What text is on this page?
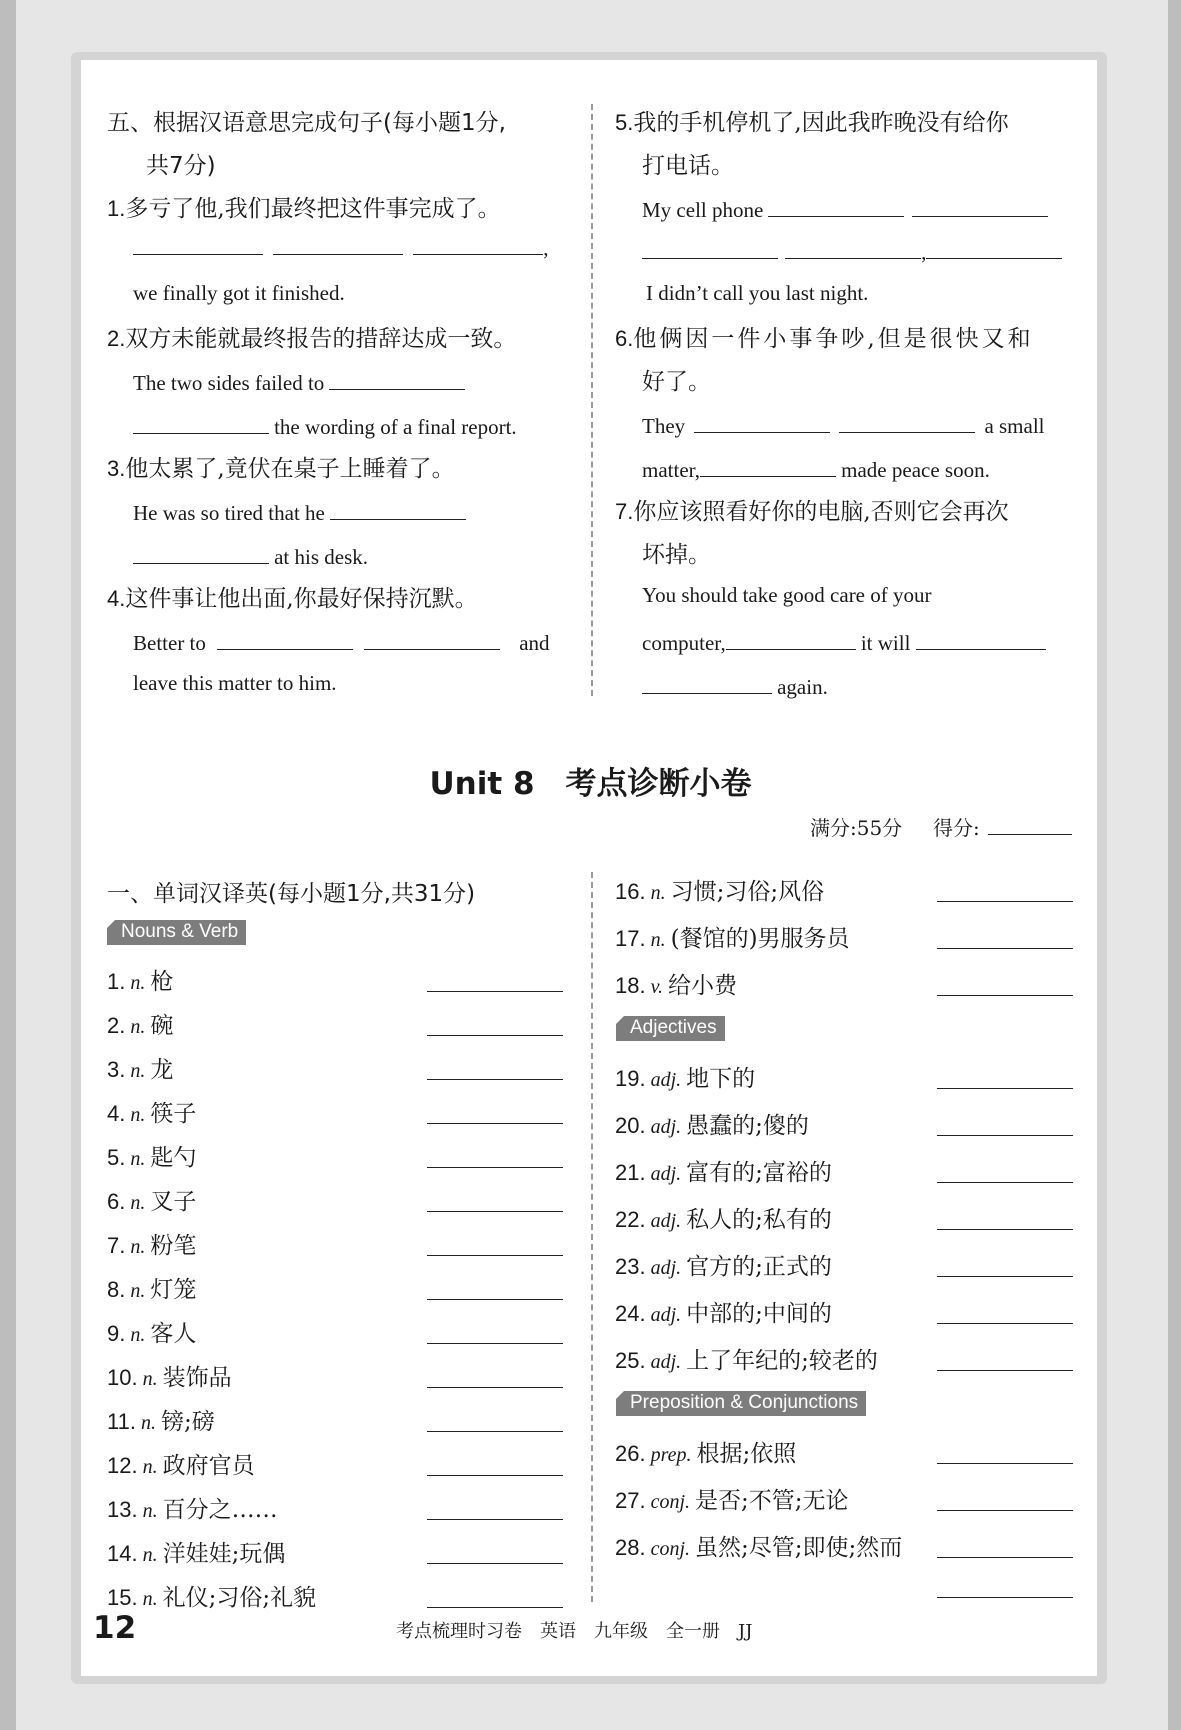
五、根据汉语意思完成句子(每小题1分,
共7分)
1.多亏了他,我们最终把这件事完成了。
,
we finally got it finished.
2.双方未能就最终报告的措辞达成一致。
The two sides failed to
the wording of a final report.
3.他太累了,竟伏在桌子上睡着了。
He was so tired that he
at his desk.
4.这件事让他出面,你最好保持沉默。
Better to	and
leave this matter to him.
5.我的手机停机了,因此我昨晚没有给你
打电话。
My cell phone
,
I didn’t call you last night.
6.他俩因一件小事争吵,但是很快又和
好了。
They	a small
matter,	made peace soon.
7.你应该照看好你的电脑,否则它会再次
坏掉。
You should take good care of your
computer,	it will
again.
Unit 8　考点诊断小卷
满分:55分 得分:
一、单词汉译英(每小题1分,共31分)
Nouns & Verb
1. n. 枪
2. n. 碗
3. n. 龙
4. n. 筷子
5. n. 匙勺
6. n. 叉子
7. n. 粉笔
8. n. 灯笼
9. n. 客人
10. n. 装饰品
11. n. 镑;磅
12. n. 政府官员
13. n. 百分之……
14. n. 洋娃娃;玩偶
15. n. 礼仪;习俗;礼貌
16. n. 习惯;习俗;风俗
17. n. (餐馆的)男服务员
18. v. 给小费
Adjectives
19. adj. 地下的
20. adj. 愚蠢的;傻的
21. adj. 富有的;富裕的
22. adj. 私人的;私有的
23. adj. 官方的;正式的
24. adj. 中部的;中间的
25. adj. 上了年纪的;较老的
Preposition & Conjunctions
26. prep. 根据;依照
27. conj. 是否;不管;无论
28. conj. 虽然;尽管;即使;然而
12	考点梳理时习卷　英语　九年级　全一册　JJ
